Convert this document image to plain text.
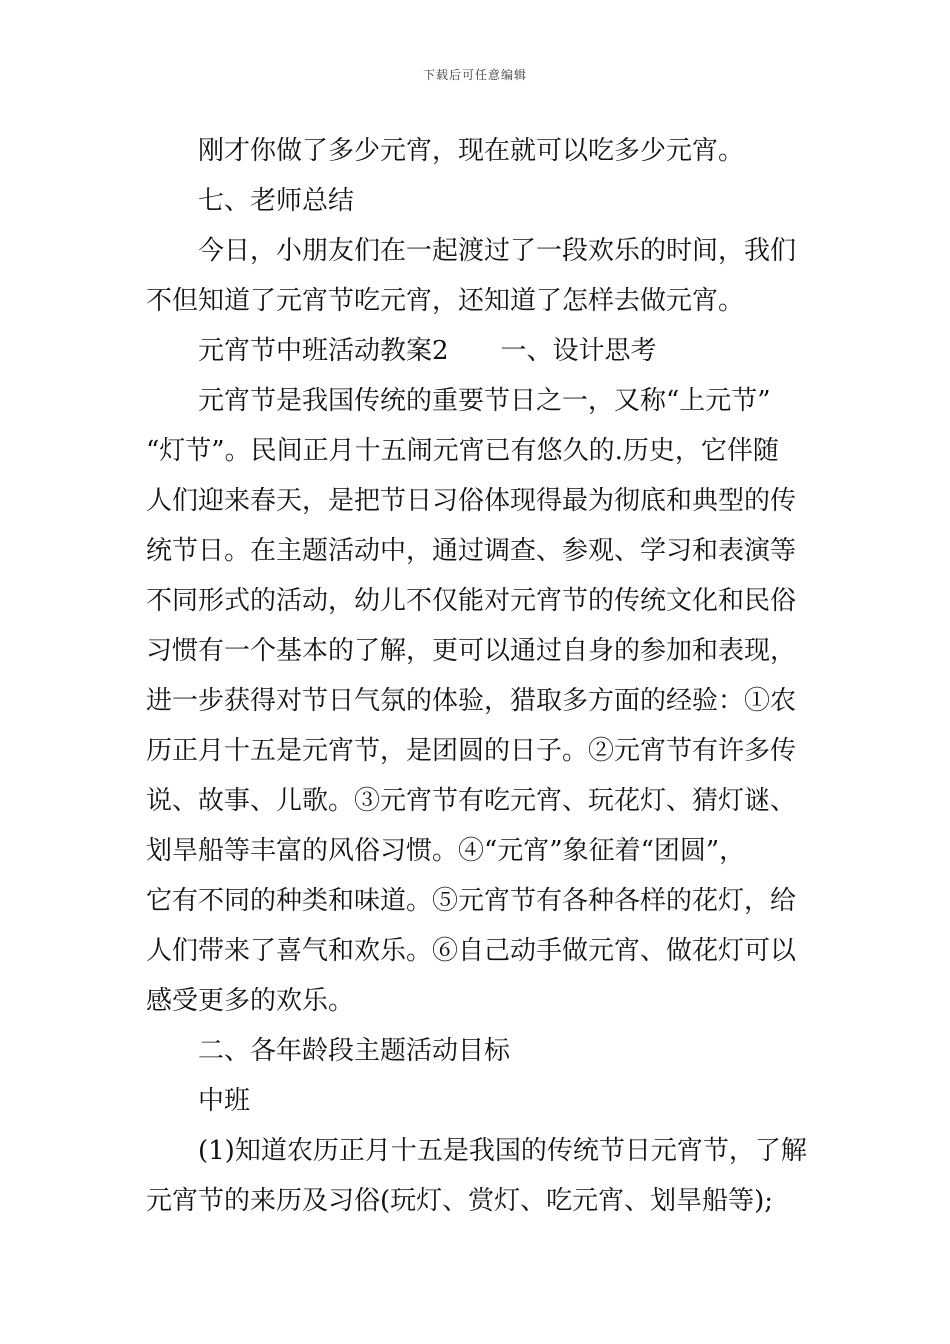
下载后可任意编辑
刚才你做了多少元宵，现在就可以吃多少元宵。
七、老师总结
今日，小朋友们在一起渡过了一段欢乐的时间，我们
不但知道了元宵节吃元宵，还知道了怎样去做元宵。
元宵节中班活动教案2 一、设计思考
元宵节是我国传统的重要节日之一，又称“上元节”
“灯节”。民间正月十五闹元宵已有悠久的.历史，它伴随
人们迎来春天，是把节日习俗体现得最为彻底和典型的传
统节日。在主题活动中，通过调查、参观、学习和表演等
不同形式的活动，幼儿不仅能对元宵节的传统文化和民俗
习惯有一个基本的了解，更可以通过自身的参加和表现，
进一步获得对节日气氛的体验，猎取多方面的经验：①农
历正月十五是元宵节，是团圆的日子。②元宵节有许多传
说、故事、儿歌。③元宵节有吃元宵、玩花灯、猜灯谜、
划旱船等丰富的风俗习惯。④“元宵”象征着“团圆”，
它有不同的种类和味道。⑤元宵节有各种各样的花灯，给
人们带来了喜气和欢乐。⑥自己动手做元宵、做花灯可以
感受更多的欢乐。
二、各年龄段主题活动目标
中班
(1)知道农历正月十五是我国的传统节日元宵节，了解
元宵节的来历及习俗(玩灯、赏灯、吃元宵、划旱船等);
